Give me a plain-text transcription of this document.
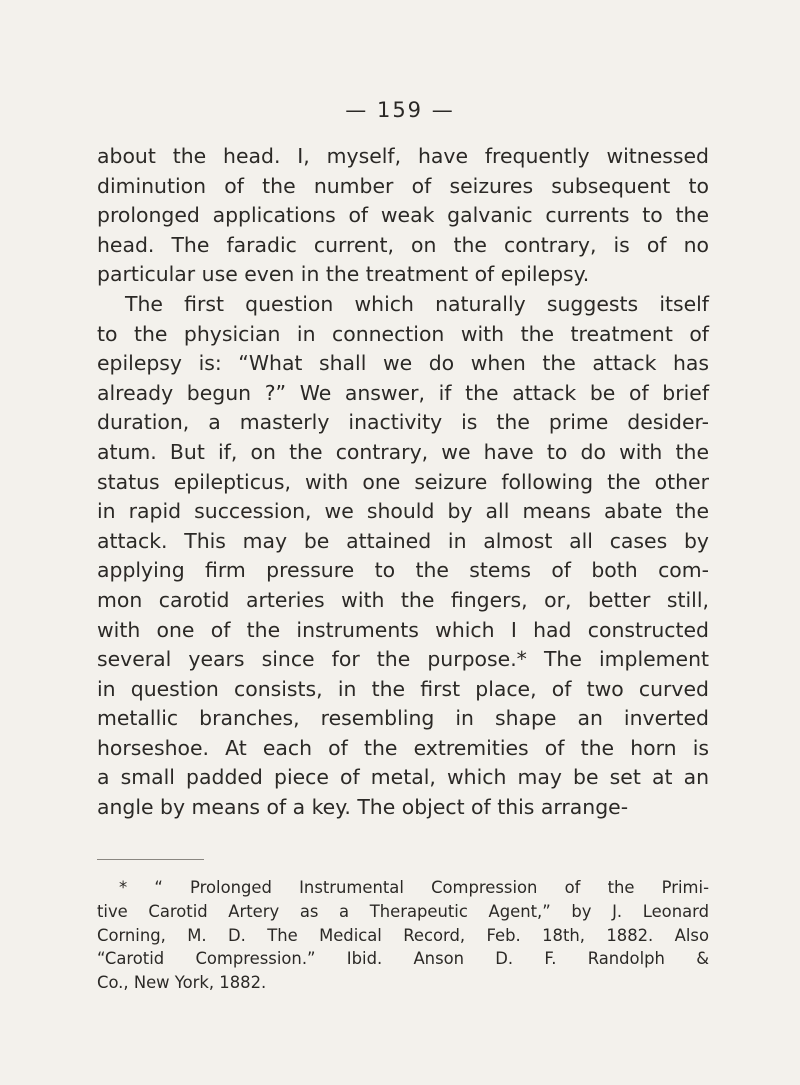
— 159 —
about the head. I, myself, have frequently witnessed
diminution of the number of seizures subsequent to
prolonged applications of weak galvanic currents to the
head. The faradic current, on the contrary, is of no
particular use even in the treatment of epilepsy.
The first question which naturally suggests itself
to the physician in connection with the treatment of
epilepsy is: “What shall we do when the attack has
already begun ?” We answer, if the attack be of brief
duration, a masterly inactivity is the prime desider-
atum. But if, on the contrary, we have to do with the
status epilepticus, with one seizure following the other
in rapid succession, we should by all means abate the
attack. This may be attained in almost all cases by
applying firm pressure to the stems of both com-
mon carotid arteries with the fingers, or, better still,
with one of the instruments which I had constructed
several years since for the purpose.* The implement
in question consists, in the first place, of two curved
metallic branches, resembling in shape an inverted
horseshoe. At each of the extremities of the horn is
a small padded piece of metal, which may be set at an
angle by means of a key. The object of this arrange-
* “ Prolonged Instrumental Compression of the Primi-
tive Carotid Artery as a Therapeutic Agent,” by J. Leonard
Corning, M. D. The Medical Record, Feb. 18th, 1882. Also
“Carotid Compression.” Ibid. Anson D. F. Randolph &
Co., New York, 1882.
